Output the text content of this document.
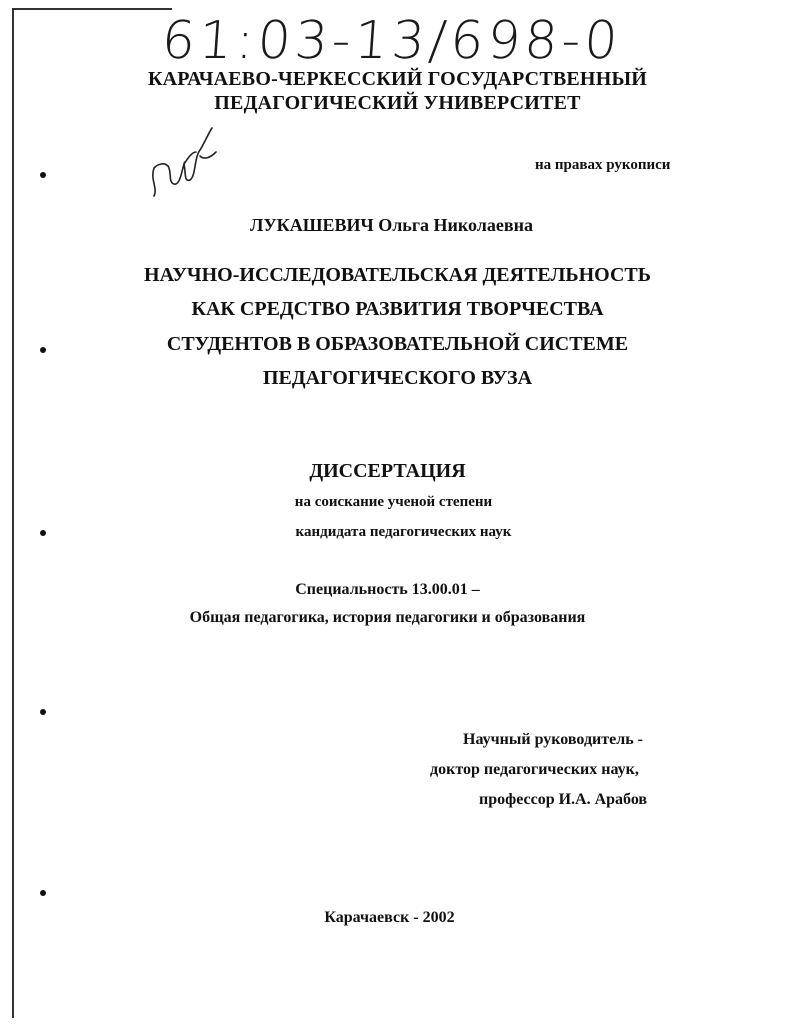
61:03-13/698-0
КАРАЧАЕВО-ЧЕРКЕССКИЙ ГОСУДАРСТВЕННЫЙ
ПЕДАГОГИЧЕСКИЙ УНИВЕРСИТЕТ
на правах рукописи
ЛУКАШЕВИЧ Ольга Николаевна
НАУЧНО-ИССЛЕДОВАТЕЛЬСКАЯ ДЕЯТЕЛЬНОСТЬ
КАК СРЕДСТВО РАЗВИТИЯ ТВОРЧЕСТВА
СТУДЕНТОВ В ОБРАЗОВАТЕЛЬНОЙ СИСТЕМЕ
ПЕДАГОГИЧЕСКОГО ВУЗА
ДИССЕРТАЦИЯ
на соискание ученой степени
кандидата педагогических наук
Специальность 13.00.01 –
Общая педагогика, история педагогики и образования
Научный руководитель -
доктор педагогических наук,
профессор И.А. Арабов
Карачаевск - 2002
